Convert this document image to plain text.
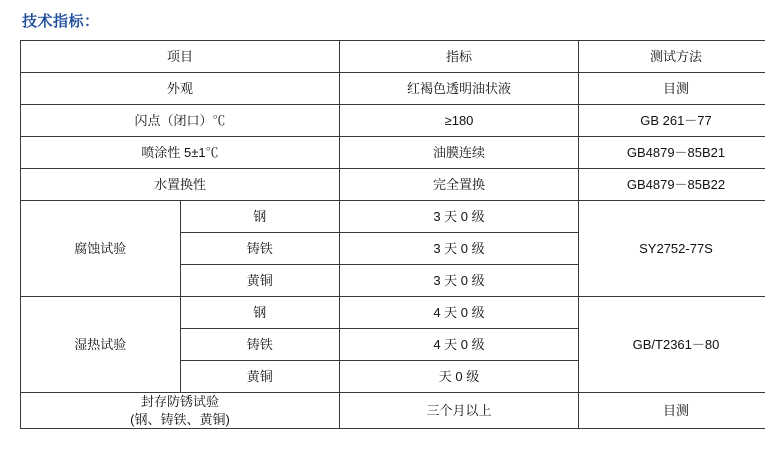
技术指标：
项目		指标	测试方法
外观		红褐色透明油状液	目测
闪点（闭口）℃		≥180	GB 261－77
喷涂性 5±1℃		油膜连续	GB4879－85B21
水置换性		完全置换	GB4879－85B22
腐蚀试验	钢	3 天 0 级	SY2752-77S
	铸铁	3 天 0 级	
	黄铜	3 天 0 级	
湿热试验	钢	4 天 0 级	GB/T2361－80
	铸铁	4 天 0 级	
	黄铜	天 0 级	

封存防锈试验
(钢、铸铁、黄铜)		三个月以上	目测
